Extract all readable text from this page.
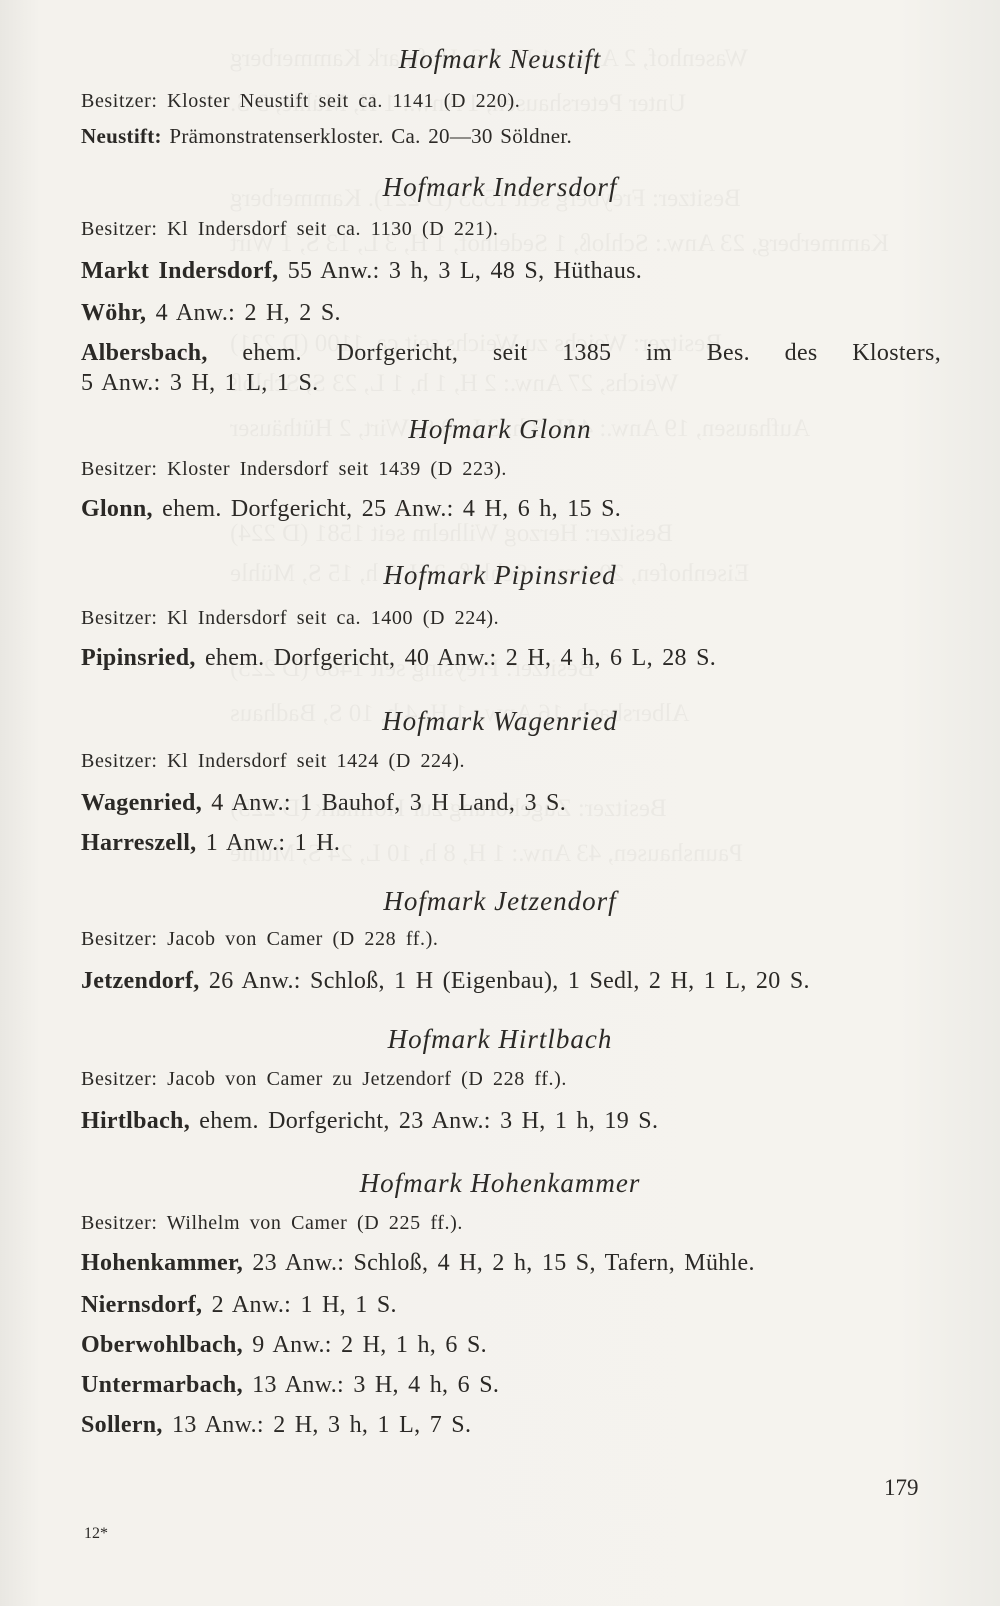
Hofmark Neustift
Besitzer: Kloster Neustift seit ca. 1141 (D 220).
Neustift: Prämonstratenserkloster. Ca. 20—30 Söldner.
Hofmark Indersdorf
Besitzer: Kl Indersdorf seit ca. 1130 (D 221).
Markt Indersdorf, 55 Anw.: 3 h, 3 L, 48 S, Hüthaus.
Wöhr, 4 Anw.: 2 H, 2 S.
Albersbach, ehem. Dorfgericht, seit 1385 im Bes. des Klosters,
5 Anw.: 3 H, 1 L, 1 S.
Hofmark Glonn
Besitzer: Kloster Indersdorf seit 1439 (D 223).
Glonn, ehem. Dorfgericht, 25 Anw.: 4 H, 6 h, 15 S.
Hofmark Pipinsried
Besitzer: Kl Indersdorf seit ca. 1400 (D 224).
Pipinsried, ehem. Dorfgericht, 40 Anw.: 2 H, 4 h, 6 L, 28 S.
Hofmark Wagenried
Besitzer: Kl Indersdorf seit 1424 (D 224).
Wagenried, 4 Anw.: 1 Bauhof, 3 H Land, 3 S.
Harreszell, 1 Anw.: 1 H.
Hofmark Jetzendorf
Besitzer: Jacob von Camer (D 228 ff.).
Jetzendorf, 26 Anw.: Schloß, 1 H (Eigenbau), 1 Sedl, 2 H, 1 L, 20 S.
Hofmark Hirtlbach
Besitzer: Jacob von Camer zu Jetzendorf (D 228 ff.).
Hirtlbach, ehem. Dorfgericht, 23 Anw.: 3 H, 1 h, 19 S.
Hofmark Hohenkammer
Besitzer: Wilhelm von Camer (D 225 ff.).
Hohenkammer, 23 Anw.: Schloß, 4 H, 2 h, 15 S, Tafern, Mühle.
Niernsdorf, 2 Anw.: 1 H, 1 S.
Oberwohlbach, 9 Anw.: 2 H, 1 h, 6 S.
Untermarbach, 13 Anw.: 3 H, 4 h, 6 S.
Sollern, 13 Anw.: 2 H, 3 h, 1 L, 7 S.
179
12*
